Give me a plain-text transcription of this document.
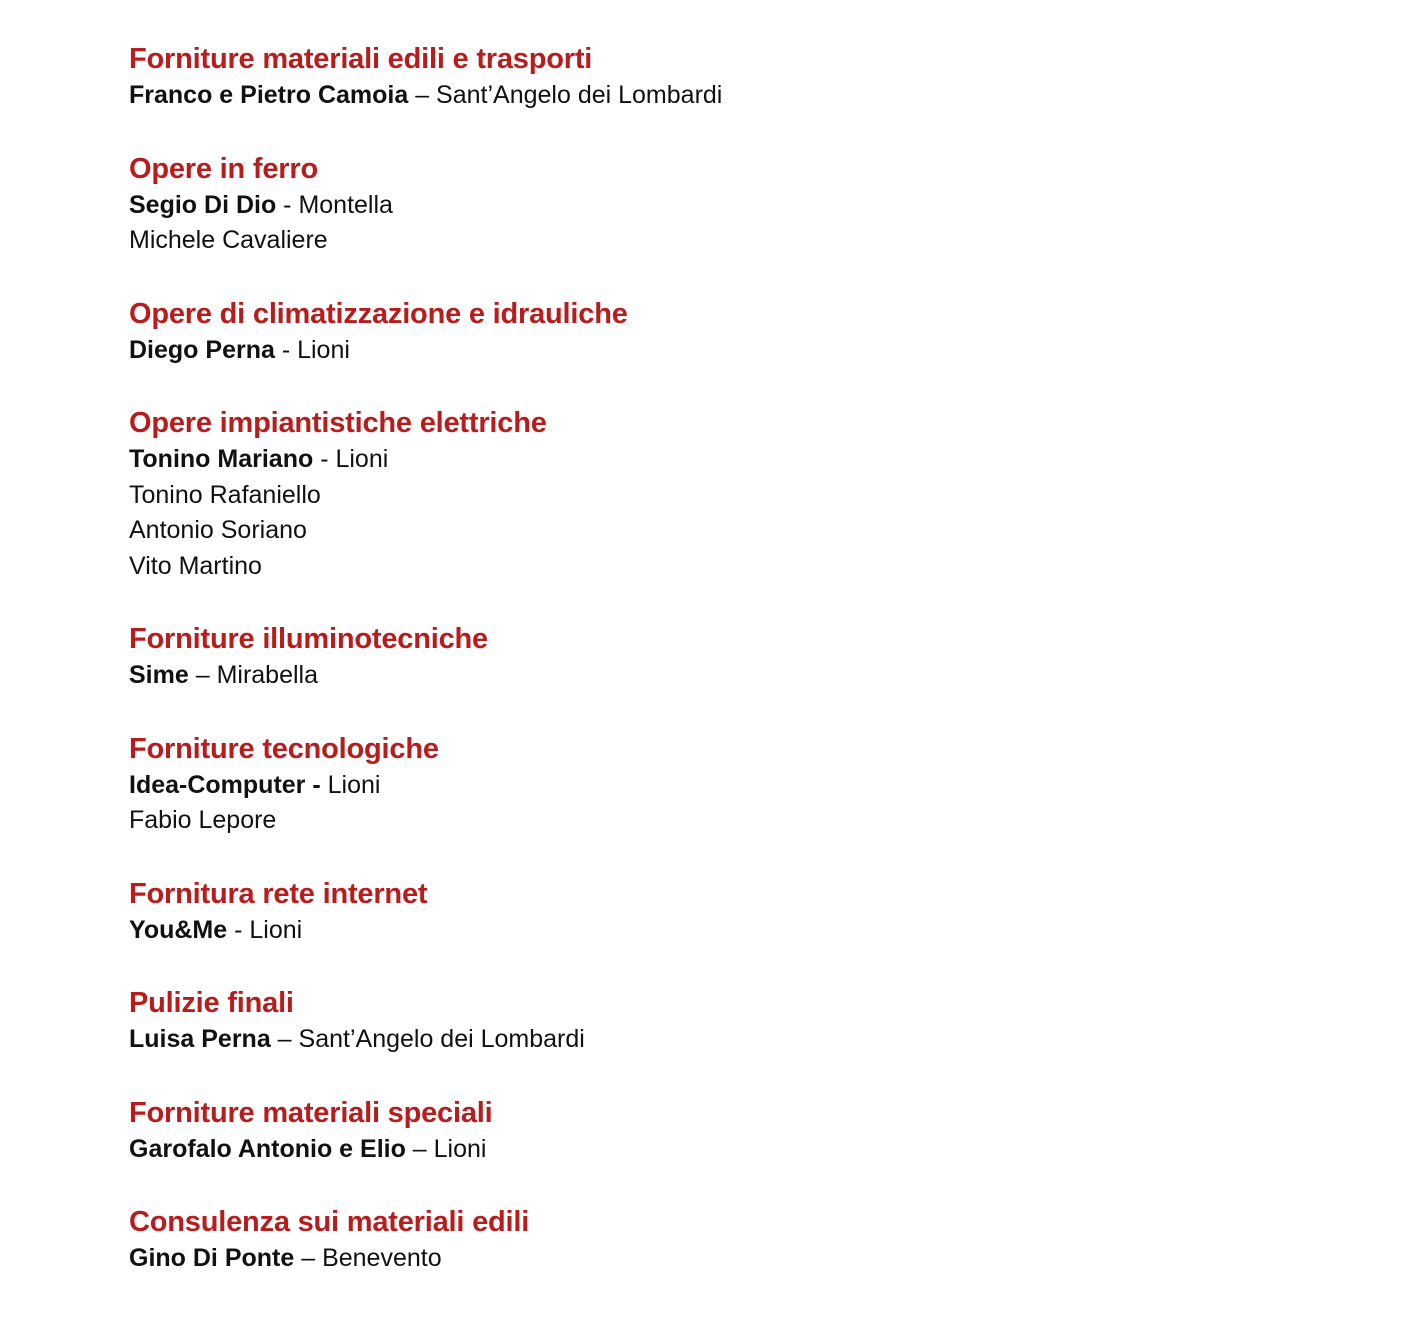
Forniture materiali edili e trasporti
Franco e Pietro Camoia – Sant’Angelo dei Lombardi
Opere in ferro
Segio Di Dio - Montella
Michele Cavaliere
Opere di climatizzazione e idrauliche
Diego Perna - Lioni
Opere impiantistiche elettriche
Tonino Mariano - Lioni
Tonino Rafaniello
Antonio Soriano
Vito Martino
Forniture illuminotecniche
Sime – Mirabella
Forniture tecnologiche
Idea-Computer - Lioni
Fabio Lepore
Fornitura rete internet
You&Me - Lioni
Pulizie finali
Luisa Perna – Sant’Angelo dei Lombardi
Forniture materiali speciali
Garofalo Antonio e Elio – Lioni
Consulenza sui materiali edili
Gino Di Ponte – Benevento
